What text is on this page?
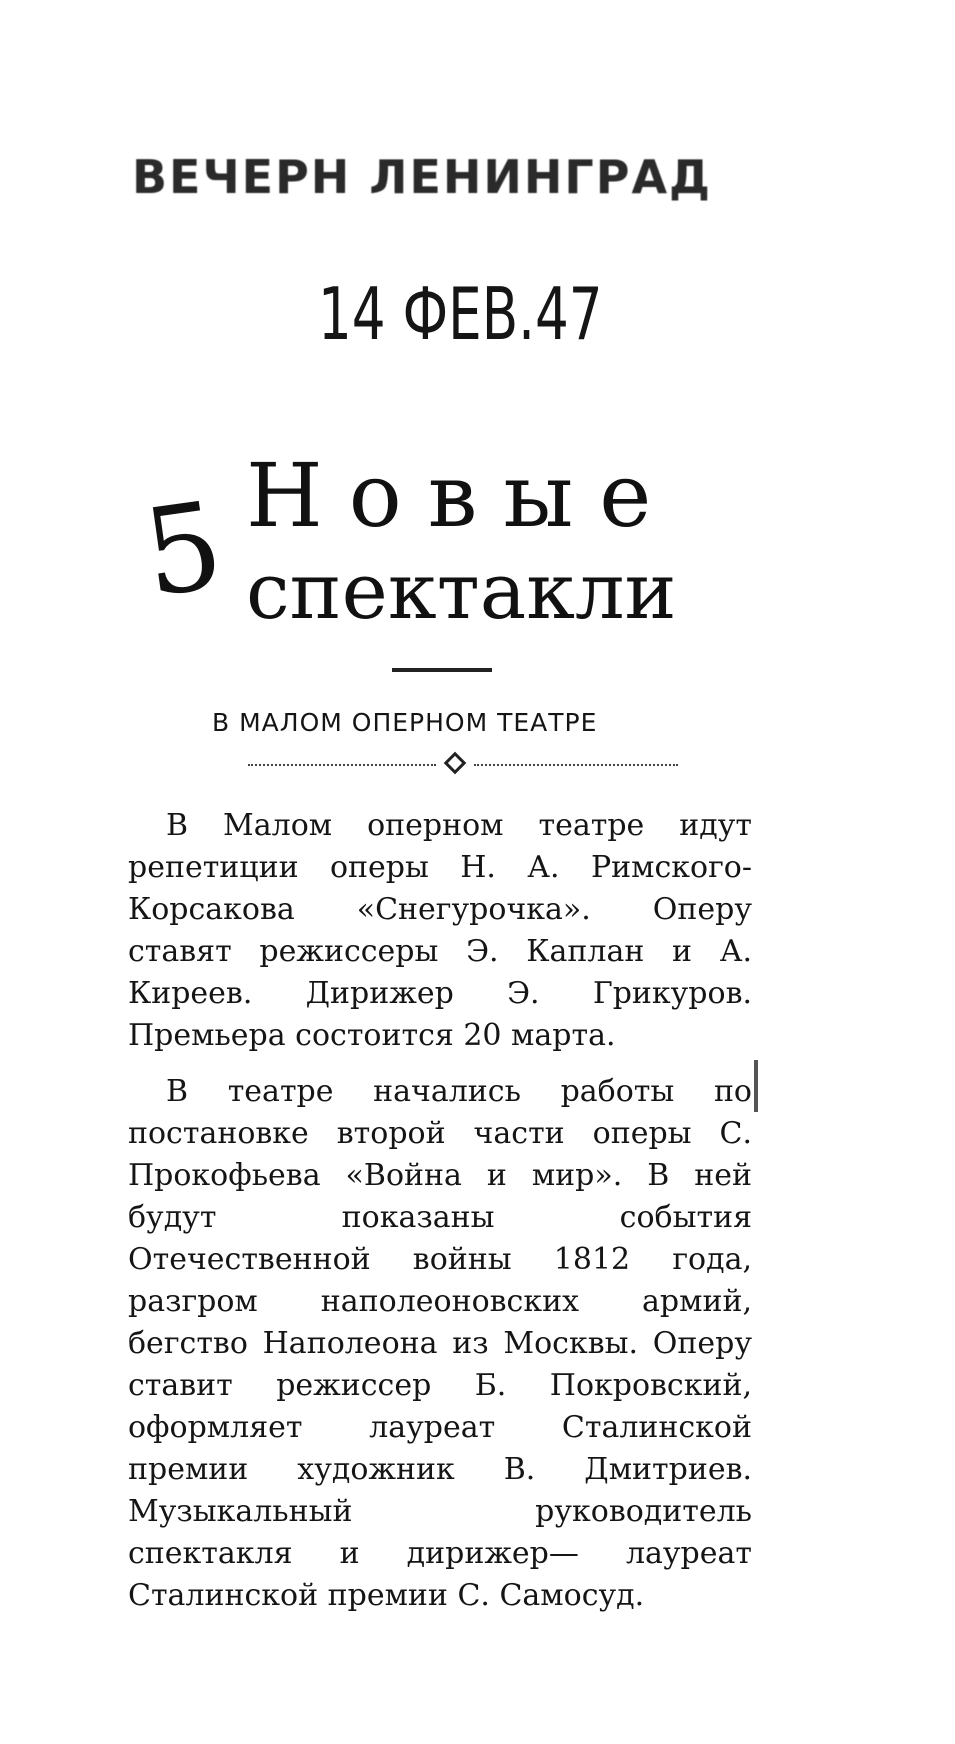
ВЕЧЕРН ЛЕНИНГРАД
14 ФЕВ.47
5 Новые
спектакли
В МАЛОМ ОПЕРНОМ ТЕАТРЕ

В Малом оперном театре идут репетиции оперы Н. А. Римского-Корсакова «Снегурочка». Оперу ставят режиссеры Э. Каплан и А. Киреев. Дирижер Э. Грикуров. Премьера состоится 20 марта.

В театре начались работы по постановке второй части оперы С. Прокофьева «Война и мир». В ней будут показаны события Отечественной войны 1812 года, разгром наполеоновских армий, бегство Наполеона из Москвы. Оперу ставит режиссер Б. Покровский, оформляет лауреат Сталинской премии художник В. Дмитриев. Музыкальный руководитель спектакля и дирижер— лауреат Сталинской премии С. Самосуд.
